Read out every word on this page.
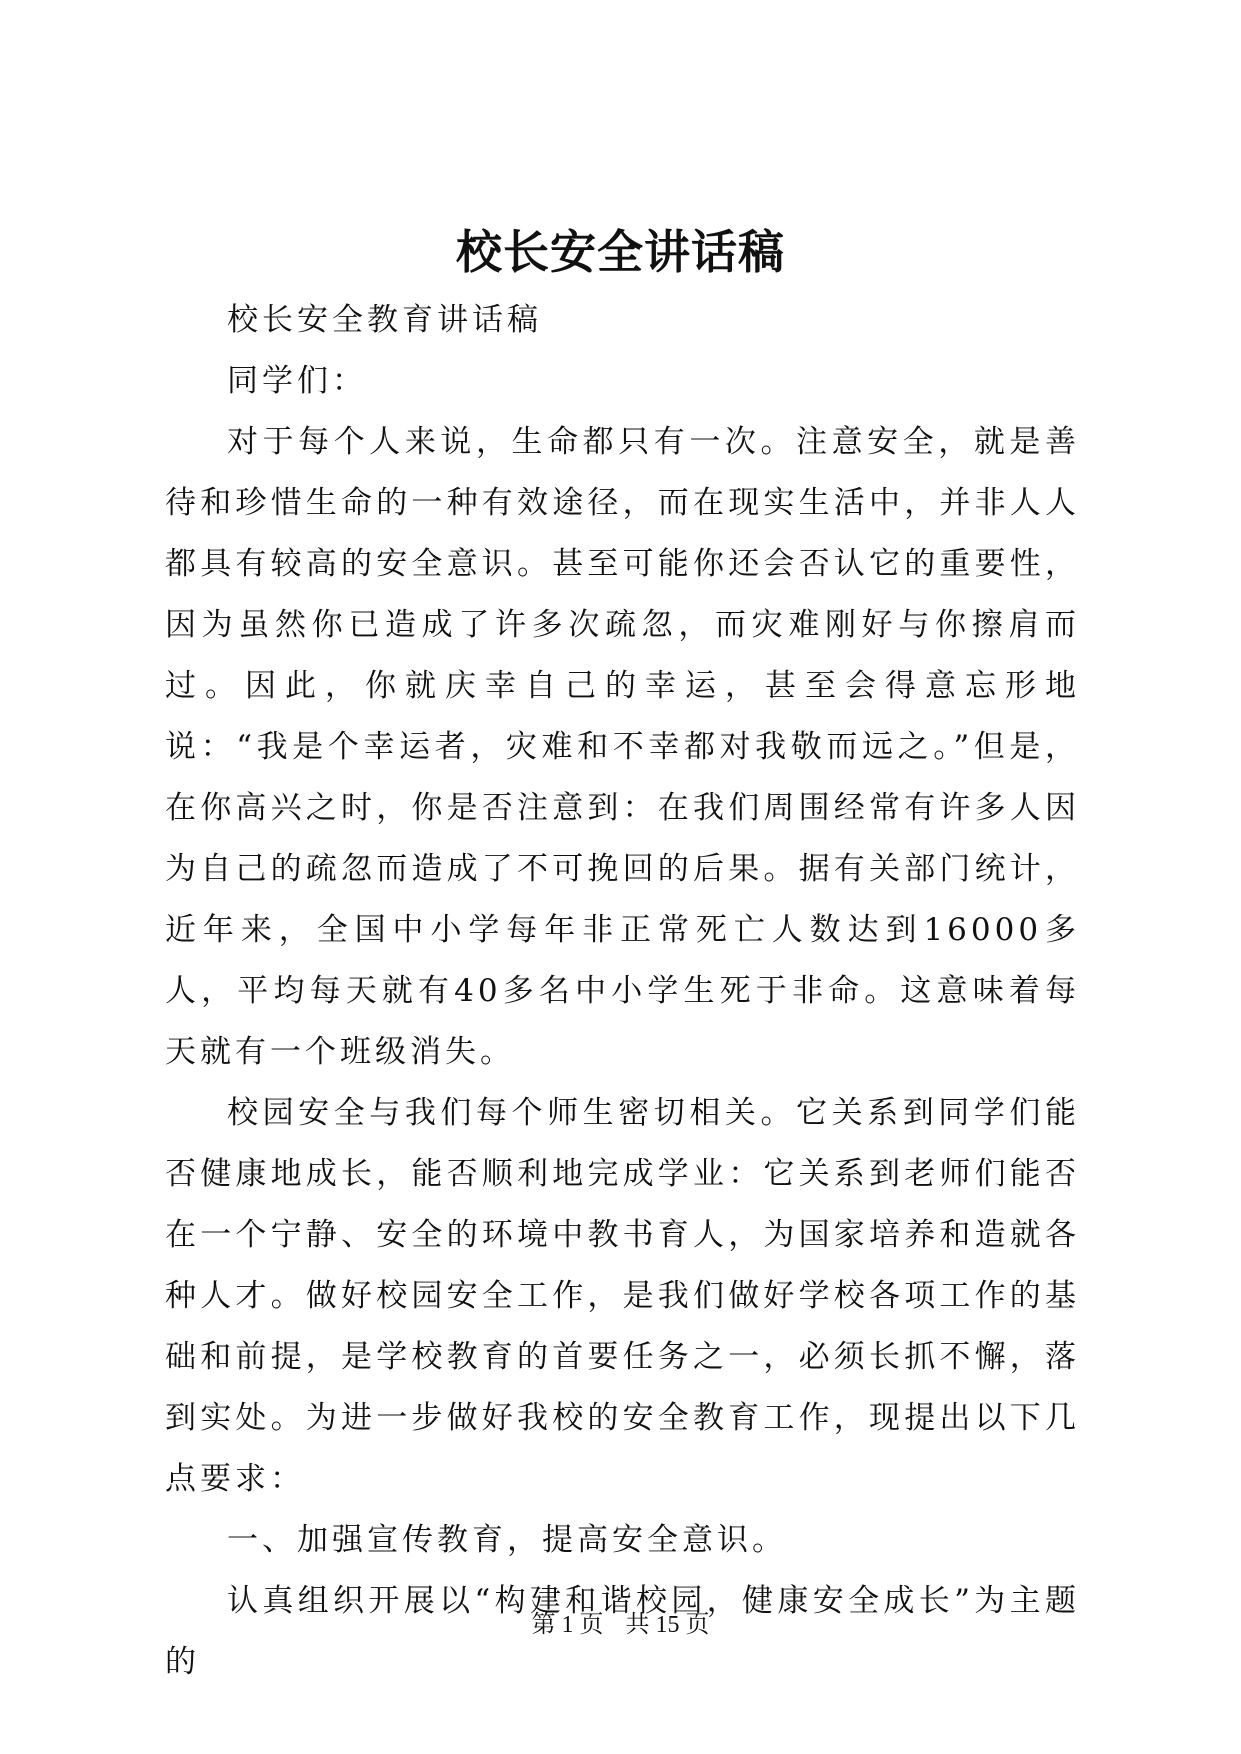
校长安全讲话稿

校长安全教育讲话稿

同学们：

对于每个人来说，生命都只有一次。注意安全，就是善待和珍惜生命的一种有效途径，而在现实生活中，并非人人都具有较高的安全意识。甚至可能你还会否认它的重要性，因为虽然你已造成了许多次疏忽，而灾难刚好与你擦肩而过。因此，你就庆幸自己的幸运，甚至会得意忘形地说：“我是个幸运者，灾难和不幸都对我敬而远之。”但是，在你高兴之时，你是否注意到：在我们周围经常有许多人因为自己的疏忽而造成了不可挽回的后果。据有关部门统计，近年来，全国中小学每年非正常死亡人数达到16000多人，平均每天就有40多名中小学生死于非命。这意味着每天就有一个班级消失。

校园安全与我们每个师生密切相关。它关系到同学们能否健康地成长，能否顺利地完成学业：它关系到老师们能否在一个宁静、安全的环境中教书育人，为国家培养和造就各种人才。做好校园安全工作，是我们做好学校各项工作的基础和前提，是学校教育的首要任务之一，必须长抓不懈，落到实处。为进一步做好我校的安全教育工作，现提出以下几点要求：

一、加强宣传教育，提高安全意识。

认真组织开展以“构建和谐校园，健康安全成长”为主题的

第 1 页 共 15 页
